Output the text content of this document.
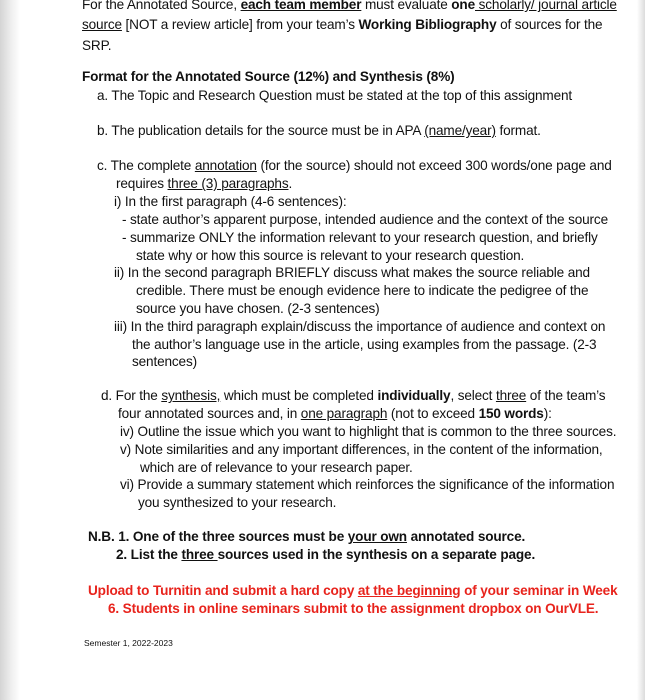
For the Annotated Source, each team member must evaluate one scholarly/ journal article
source [NOT a review article] from your team’s Working Bibliography of sources for the
SRP.
Format for the Annotated Source (12%) and Synthesis (8%)
a. The Topic and Research Question must be stated at the top of this assignment
b. The publication details for the source must be in APA (name/year) format.
c. The complete annotation (for the source) should not exceed 300 words/one page and
requires three (3) paragraphs.
i) In the first paragraph (4-6 sentences):
- state author’s apparent purpose, intended audience and the context of the source
- summarize ONLY the information relevant to your research question, and briefly
state why or how this source is relevant to your research question.
ii) In the second paragraph BRIEFLY discuss what makes the source reliable and
credible. There must be enough evidence here to indicate the pedigree of the
source you have chosen. (2-3 sentences)
iii) In the third paragraph explain/discuss the importance of audience and context on
the author’s language use in the article, using examples from the passage. (2-3
sentences)
d. For the synthesis, which must be completed individually, select three of the team’s
four annotated sources and, in one paragraph (not to exceed 150 words):
iv) Outline the issue which you want to highlight that is common to the three sources.
v) Note similarities and any important differences, in the content of the information,
which are of relevance to your research paper.
vi) Provide a summary statement which reinforces the significance of the information
you synthesized to your research.
N.B. 1. One of the three sources must be your own annotated source.
2. List the three sources used in the synthesis on a separate page.
Upload to Turnitin and submit a hard copy at the beginning of your seminar in Week
6. Students in online seminars submit to the assignment dropbox on OurVLE.
Semester 1, 2022-2023
